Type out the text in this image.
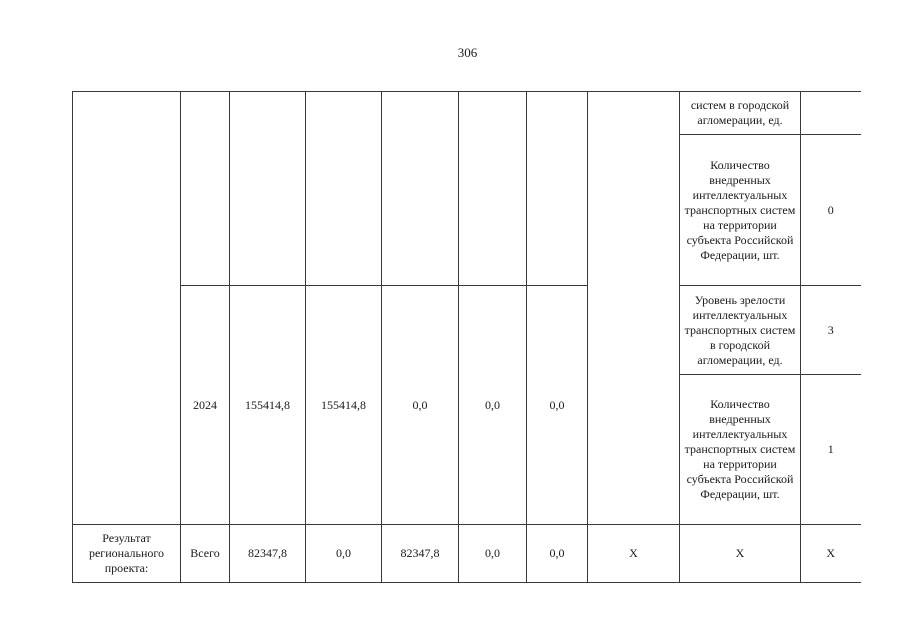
306
								систем в городской агломерации, ед.	
								Количество внедренных интеллектуальных транспортных систем на территории субъекта Российской Федерации, шт.	0
	2024	155414,8	155414,8	0,0	0,0	0,0		Уровень зрелости интеллектуальных транспортных систем в городской агломерации, ед.	3
								Количество внедренных интеллектуальных транспортных систем на территории субъекта Российской Федерации, шт.	1
Результат регионального проекта:	Всего	82347,8	0,0	82347,8	0,0	0,0	Х	Х	Х
